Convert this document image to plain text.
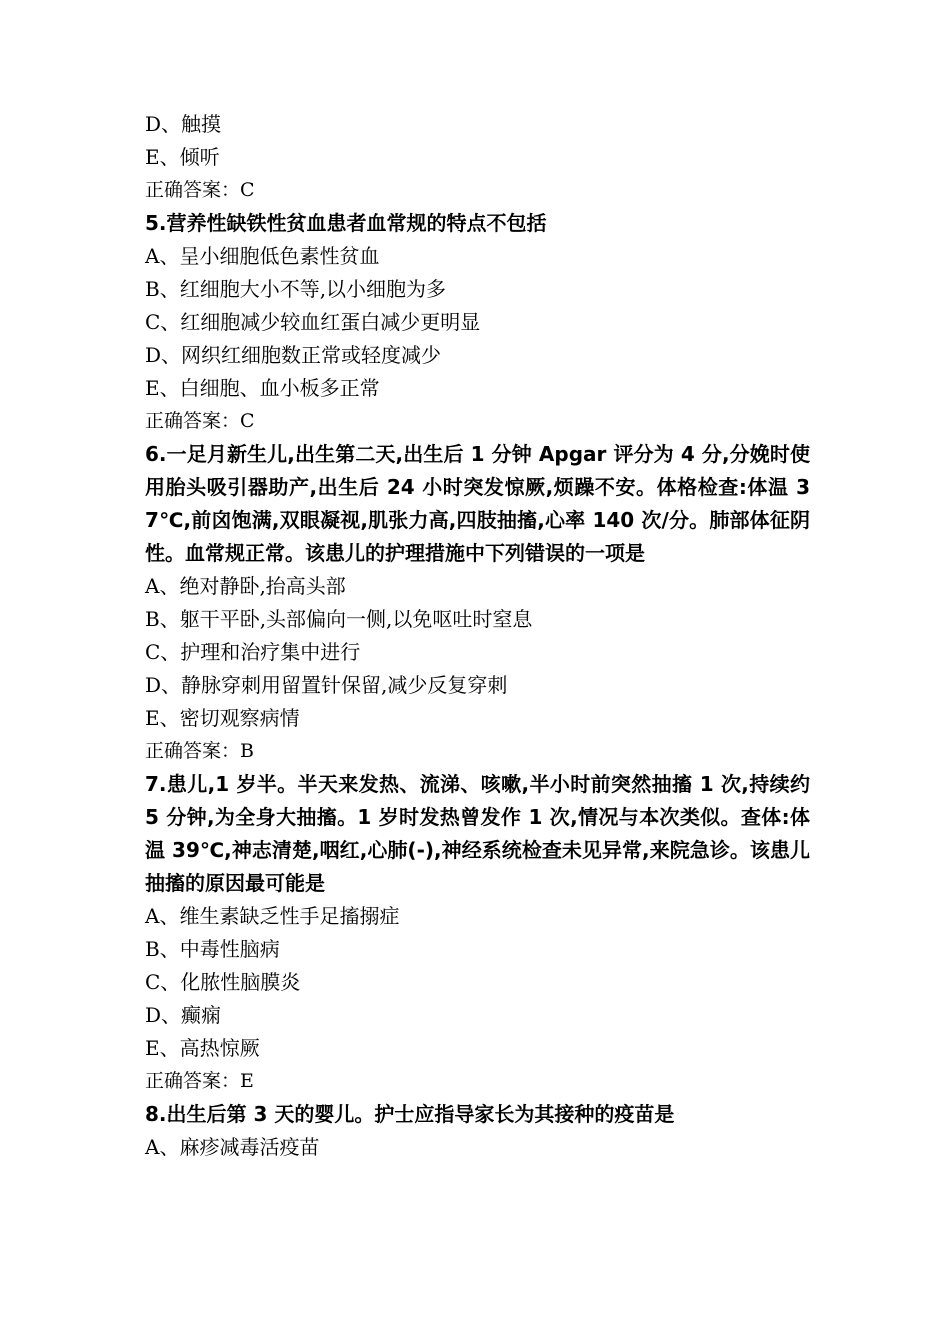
D、触摸
E、倾听
正确答案：C
5.营养性缺铁性贫血患者血常规的特点不包括
A、呈小细胞低色素性贫血
B、红细胞大小不等,以小细胞为多
C、红细胞减少较血红蛋白减少更明显
D、网织红细胞数正常或轻度减少
E、白细胞、血小板多正常
正确答案：C
6.一足月新生儿,出生第二天,出生后 1 分钟 Apgar 评分为 4 分,分娩时使用胎头吸引器助产,出生后 24 小时突发惊厥,烦躁不安。体格检查:体温 37℃,前囟饱满,双眼凝视,肌张力高,四肢抽搐,心率 140 次/分。肺部体征阴性。血常规正常。该患儿的护理措施中下列错误的一项是
A、绝对静卧,抬高头部
B、躯干平卧,头部偏向一侧,以免呕吐时窒息
C、护理和治疗集中进行
D、静脉穿刺用留置针保留,减少反复穿刺
E、密切观察病情
正确答案：B
7.患儿,1 岁半。半天来发热、流涕、咳嗽,半小时前突然抽搐 1 次,持续约 5 分钟,为全身大抽搐。1 岁时发热曾发作 1 次,情况与本次类似。查体:体温 39℃,神志清楚,咽红,心肺(-),神经系统检查未见异常,来院急诊。该患儿抽搐的原因最可能是
A、维生素缺乏性手足搐搦症
B、中毒性脑病
C、化脓性脑膜炎
D、癫痫
E、高热惊厥
正确答案：E
8.出生后第 3 天的婴儿。护士应指导家长为其接种的疫苗是
A、麻疹减毒活疫苗
